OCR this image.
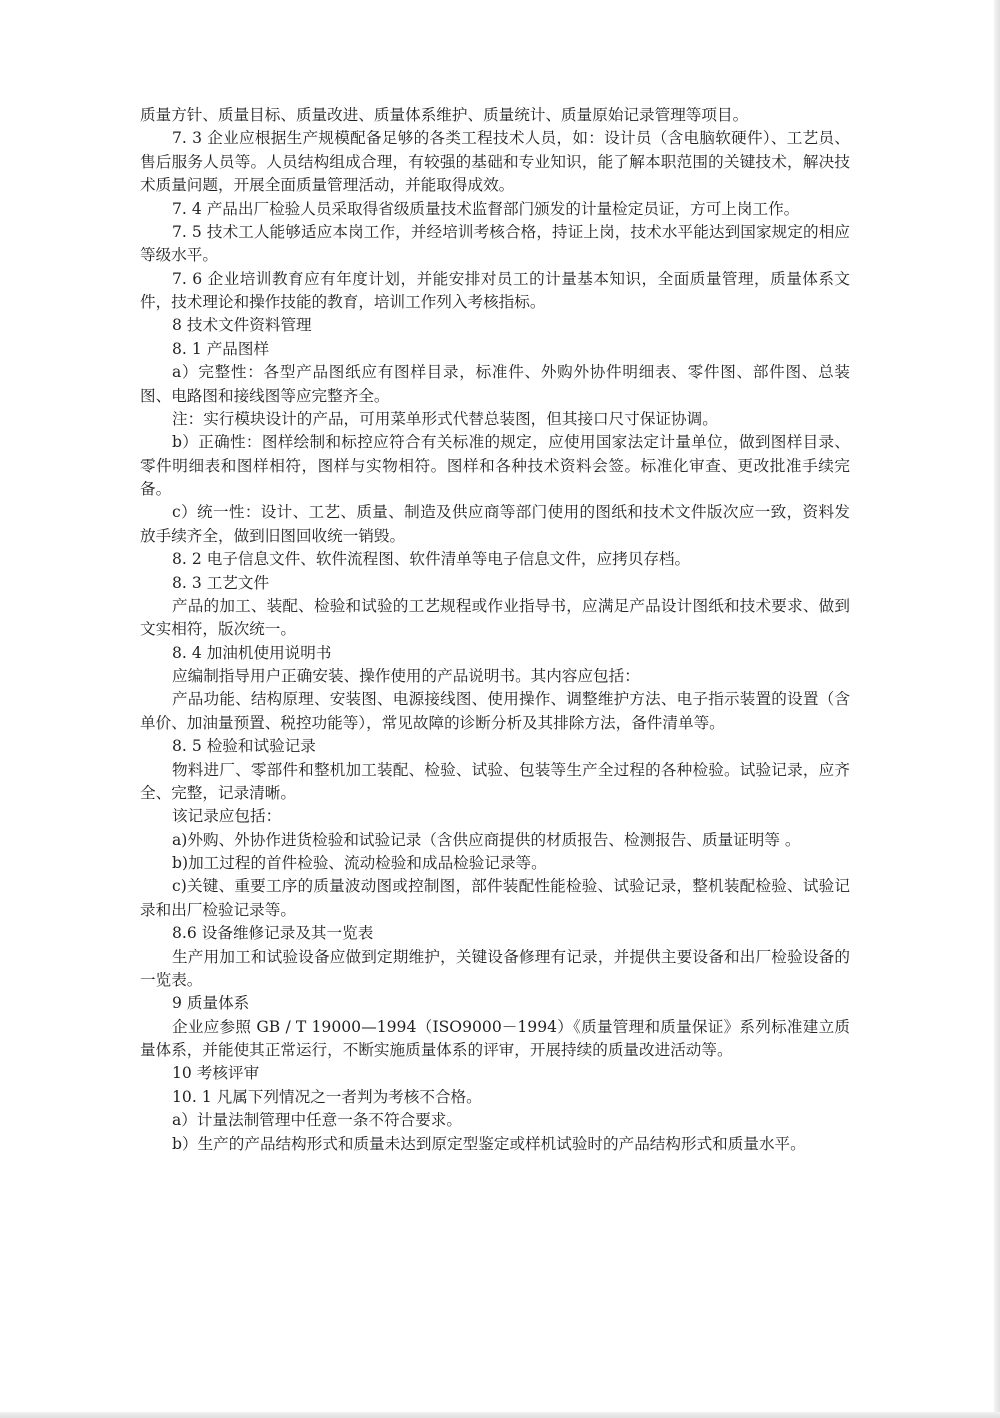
质量方针、质量目标、质量改进、质量体系维护、质量统计、质量原始记录管理等项目。

7. 3 企业应根据生产规模配备足够的各类工程技术人员，如：设计员（含电脑软硬件）、工艺员、售后服务人员等。人员结构组成合理，有较强的基础和专业知识，能了解本职范围的关键技术，解决技术质量问题，开展全面质量管理活动，并能取得成效。

7. 4 产品出厂检验人员采取得省级质量技术监督部门颁发的计量检定员证，方可上岗工作。

7. 5 技术工人能够适应本岗工作，并经培训考核合格，持证上岗，技术水平能达到国家规定的相应等级水平。

7. 6 企业培训教育应有年度计划，并能安排对员工的计量基本知识，全面质量管理，质量体系文件，技术理论和操作技能的教育，培训工作列入考核指标。

8 技术文件资料管理

8. 1 产品图样

a）完整性：各型产品图纸应有图样目录，标准件、外购外协件明细表、零件图、部件图、总装图、电路图和接线图等应完整齐全。

注：实行模块设计的产品，可用菜单形式代替总装图，但其接口尺寸保证协调。

b）正确性：图样绘制和标控应符合有关标准的规定，应使用国家法定计量单位，做到图样目录、零件明细表和图样相符，图样与实物相符。图样和各种技术资料会签。标准化审查、更改批准手续完备。

c）统一性：设计、工艺、质量、制造及供应商等部门使用的图纸和技术文件版次应一致，资料发放手续齐全，做到旧图回收统一销毁。

8. 2 电子信息文件、软件流程图、软件清单等电子信息文件，应拷贝存档。

8. 3 工艺文件

产品的加工、装配、检验和试验的工艺规程或作业指导书，应满足产品设计图纸和技术要求、做到文实相符，版次统一。

8. 4 加油机使用说明书

应编制指导用户正确安装、操作使用的产品说明书。其内容应包括：

产品功能、结构原理、安装图、电源接线图、使用操作、调整维护方法、电子指示装置的设置（含单价、加油量预置、税控功能等），常见故障的诊断分析及其排除方法，备件清单等。

8. 5 检验和试验记录

物料进厂、零部件和整机加工装配、检验、试验、包装等生产全过程的各种检验。试验记录，应齐全、完整，记录清晰。

该记录应包括：

a)外购、外协作进货检验和试验记录（含供应商提供的材质报告、检测报告、质量证明等 。

b)加工过程的首件检验、流动检验和成品检验记录等。

c)关键、重要工序的质量波动图或控制图，部件装配性能检验、试验记录，整机装配检验、试验记录和出厂检验记录等。

8.6 设备维修记录及其一览表

生产用加工和试验设备应做到定期维护，关键设备修理有记录，并提供主要设备和出厂检验设备的一览表。

9 质量体系

企业应参照 GB / T 19000—1994（ISO9000－1994）《质量管理和质量保证》系列标准建立质量体系，并能使其正常运行，不断实施质量体系的评审，开展持续的质量改进活动等。

10 考核评审

10. 1 凡属下列情况之一者判为考核不合格。

a）计量法制管理中任意一条不符合要求。

b）生产的产品结构形式和质量未达到原定型鉴定或样机试验时的产品结构形式和质量水平。
